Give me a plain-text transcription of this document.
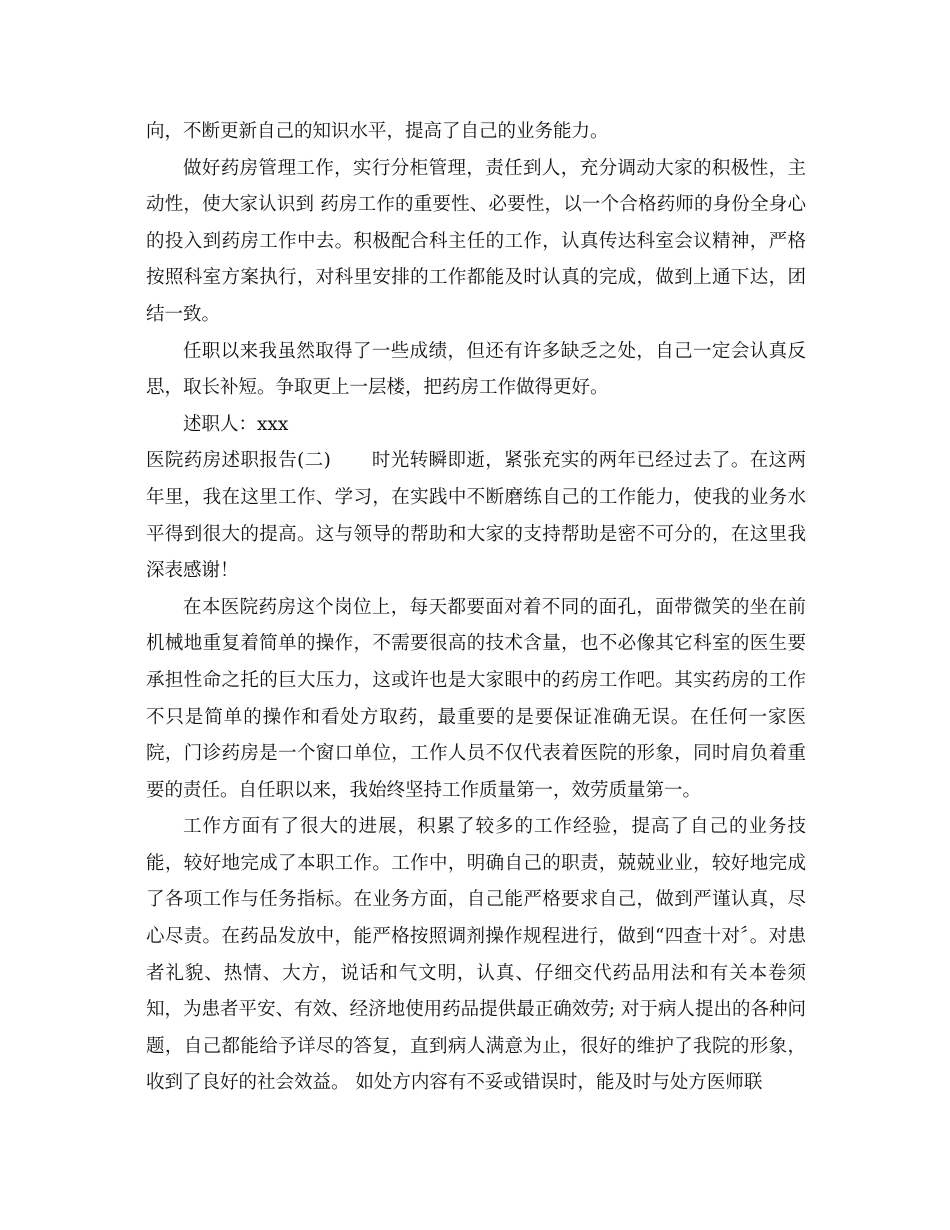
向，不断更新自己的知识水平，提高了自己的业务能力。

做好药房管理工作，实行分柜管理，责任到人，充分调动大家的积极性，主动性，使大家认识到 药房工作的重要性、必要性，以一个合格药师的身份全身心的投入到药房工作中去。积极配合科主任的工作，认真传达科室会议精神，严格按照科室方案执行，对科里安排的工作都能及时认真的完成，做到上通下达，团结一致。

任职以来我虽然取得了一些成绩，但还有许多缺乏之处，自己一定会认真反思，取长补短。争取更上一层楼，把药房工作做得更好。

述职人：xxx

医院药房述职报告(二) 时光转瞬即逝，紧张充实的两年已经过去了。在这两年里，我在这里工作、学习，在实践中不断磨练自己的工作能力，使我的业务水平得到很大的提高。这与领导的帮助和大家的支持帮助是密不可分的，在这里我深表感谢！

在本医院药房这个岗位上，每天都要面对着不同的面孔，面带微笑的坐在前机械地重复着简单的操作，不需要很高的技术含量，也不必像其它科室的医生要承担性命之托的巨大压力，这或许也是大家眼中的药房工作吧。其实药房的工作不只是简单的操作和看处方取药，最重要的是要保证准确无误。在任何一家医院，门诊药房是一个窗口单位，工作人员不仅代表着医院的形象，同时肩负着重要的责任。自任职以来，我始终坚持工作质量第一，效劳质量第一。

工作方面有了很大的进展，积累了较多的工作经验，提高了自己的业务技能，较好地完成了本职工作。工作中，明确自己的职责，兢兢业业，较好地完成了各项工作与任务指标。在业务方面，自己能严格要求自己，做到严谨认真，尽心尽责。在药品发放中，能严格按照调剂操作规程进行，做到“四查十对〞。对患者礼貌、热情、大方，说话和气文明，认真、仔细交代药品用法和有关本卷须知，为患者平安、有效、经济地使用药品提供最正确效劳; 对于病人提出的各种问题，自己都能给予详尽的答复，直到病人满意为止，很好的维护了我院的形象，收到了良好的社会效益。 如处方内容有不妥或错误时，能及时与处方医师联
